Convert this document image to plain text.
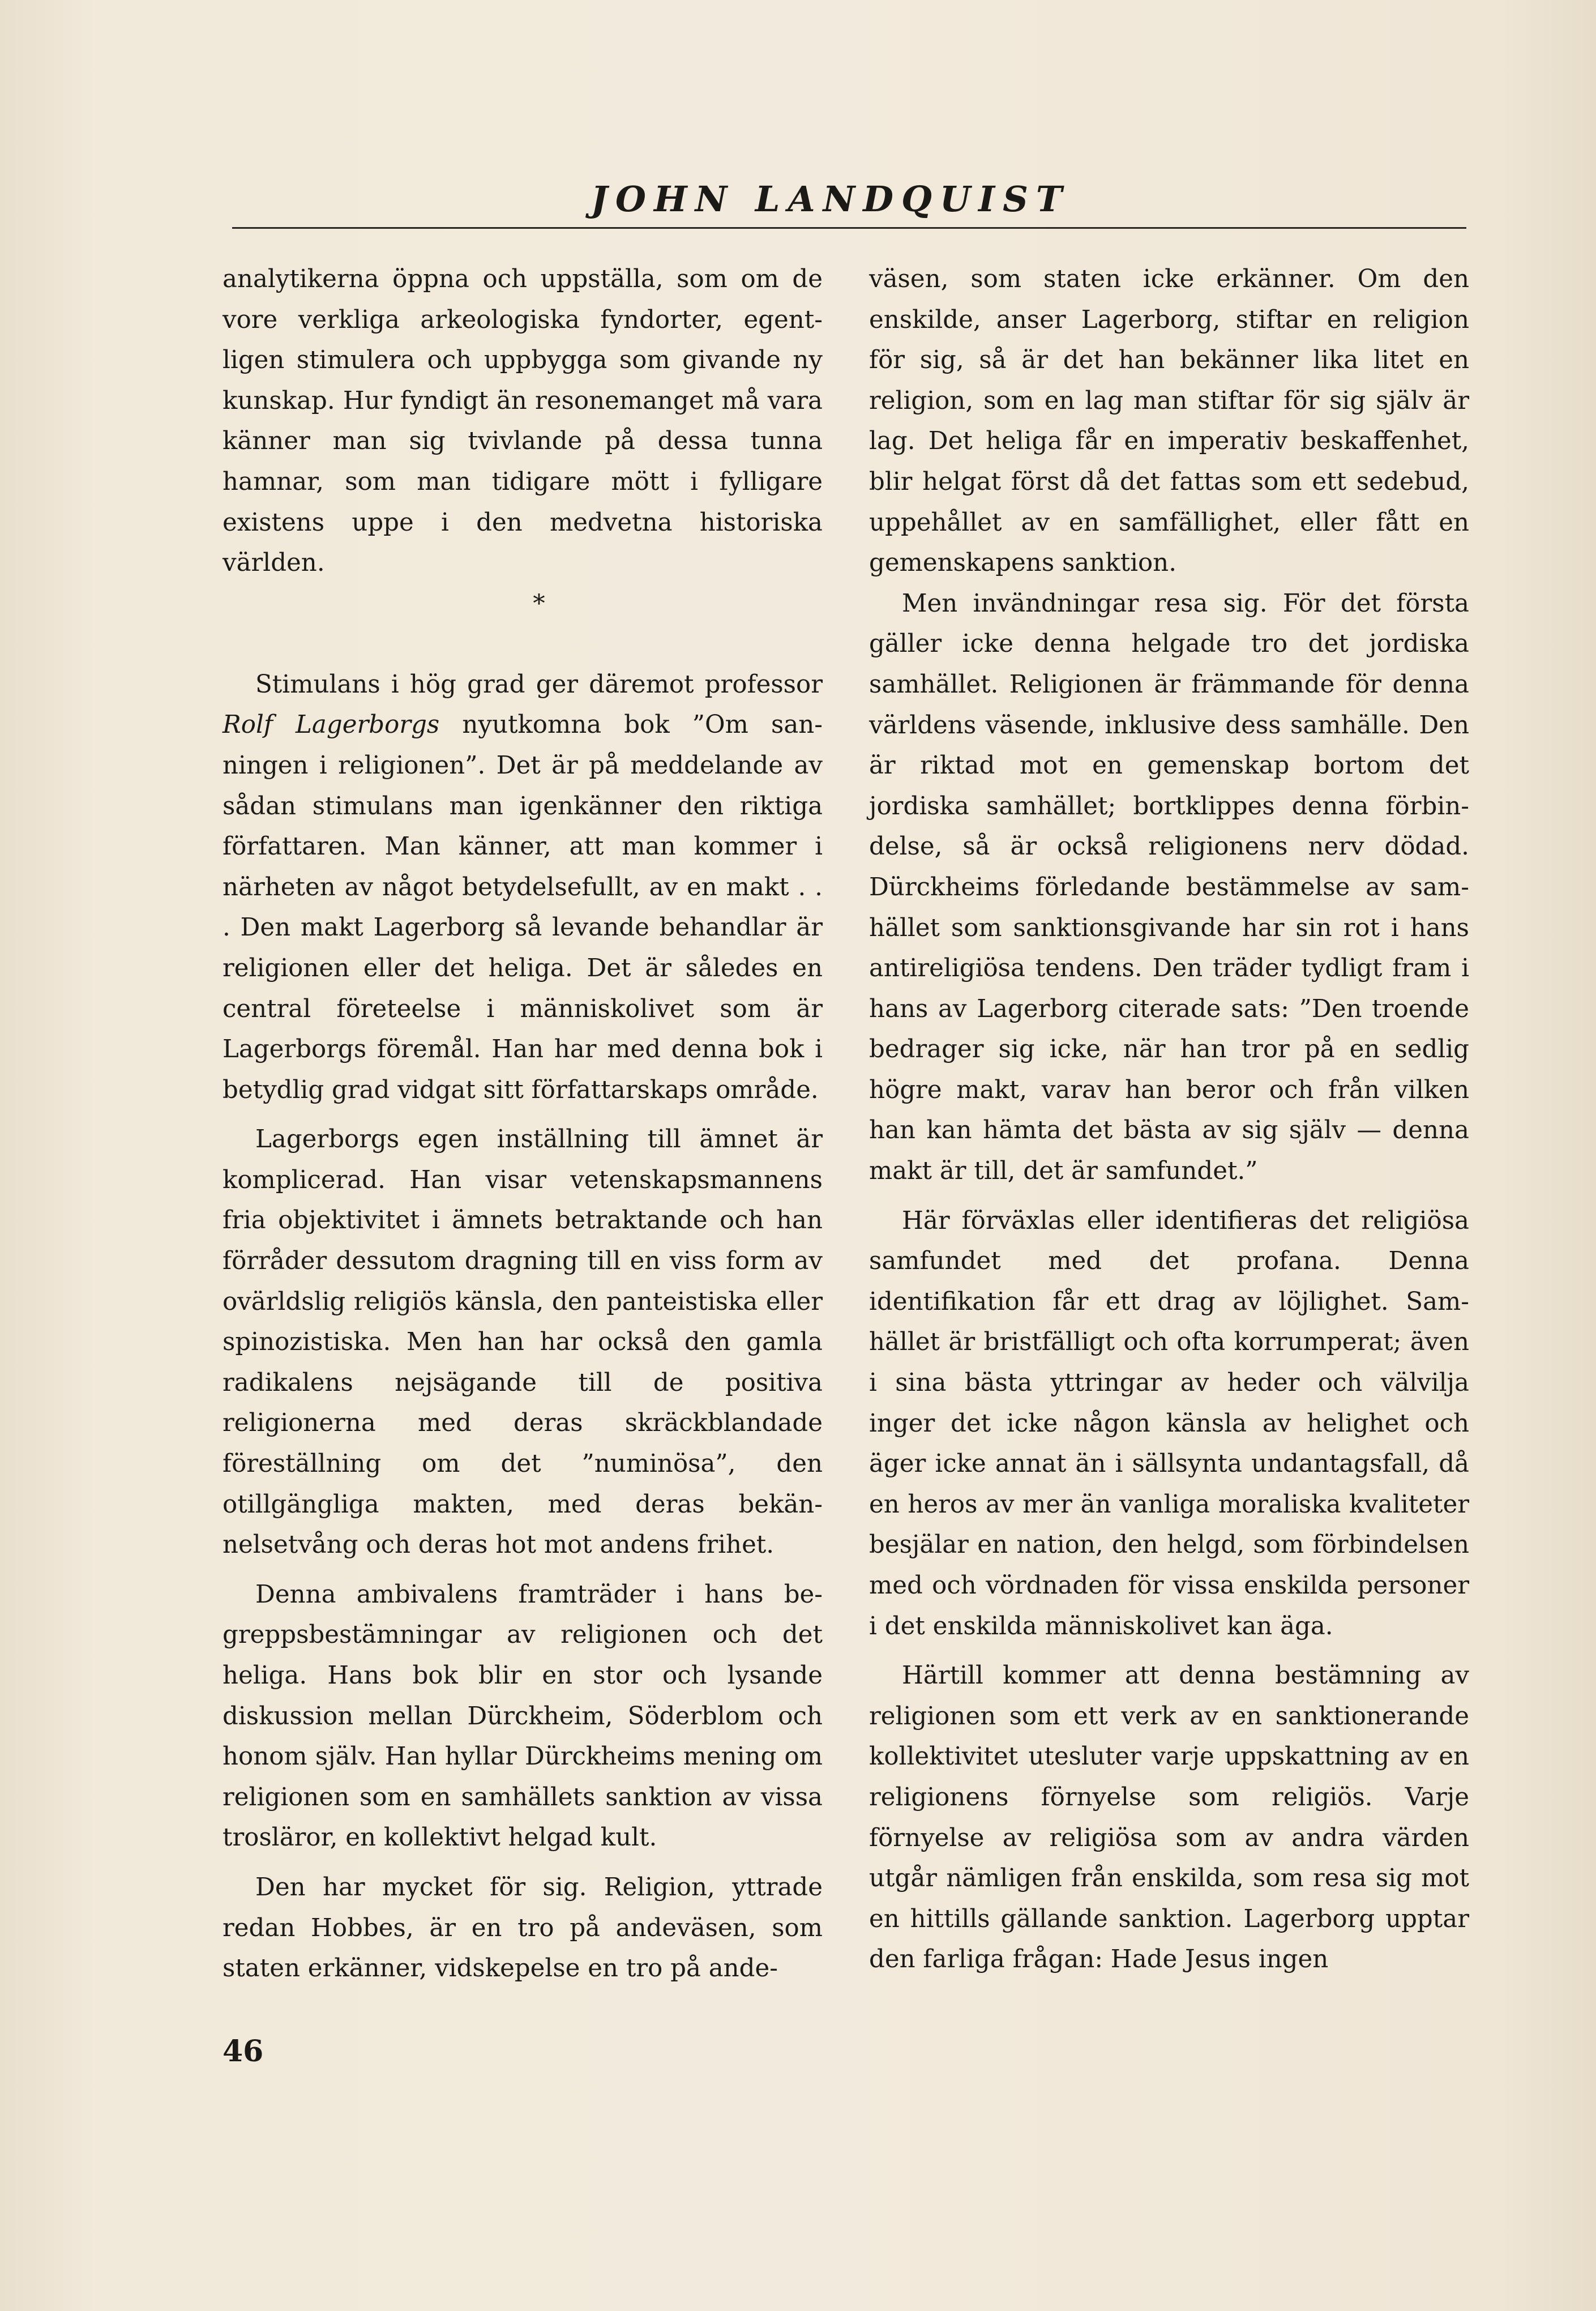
JOHN LANDQUIST

analytikerna öppna och uppställa, som om de vore verkliga arkeologiska fyndorter, egentligen stimulera och uppbygga som givande ny kunskap. Hur fyndigt än resonemanget må vara känner man sig tvivlande på dessa tunna hamnar, som man tidigare mött i fylligare existens uppe i den medvetna historiska världen.

*

Stimulans i hög grad ger däremot professor Rolf Lagerborgs nyutkomna bok ”Om sanningen i religionen”. Det är på meddelande av sådan stimulans man igenkänner den riktiga författaren. Man känner, att man kommer i närheten av något betydelsefullt, av en makt . . . Den makt Lagerborg så levande behandlar är religionen eller det heliga. Det är således en central företeelse i människolivet som är Lagerborgs föremål. Han har med denna bok i betydlig grad vidgat sitt författarskaps område.

Lagerborgs egen inställning till ämnet är komplicerad. Han visar vetenskapsmannens fria objektivitet i ämnets betraktande och han förråder dessutom dragning till en viss form av ovärldslig religiös känsla, den panteistiska eller spinozistiska. Men han har också den gamla radikalens nejsägande till de positiva religionerna med deras skräckblandade föreställning om det ”numinösa”, den otillgängliga makten, med deras bekännelsetvång och deras hot mot andens frihet.

Denna ambivalens framträder i hans begreppsbestämningar av religionen och det heliga. Hans bok blir en stor och lysande diskussion mellan Dürckheim, Söderblom och honom själv. Han hyllar Dürckheims mening om religionen som en samhällets sanktion av vissa trosläror, en kollektivt helgad kult.

Den har mycket för sig. Religion, yttrade redan Hobbes, är en tro på andeväsen, som staten erkänner, vidskepelse en tro på ande-

väsen, som staten icke erkänner. Om den enskilde, anser Lagerborg, stiftar en religion för sig, så är det han bekänner lika litet en religion, som en lag man stiftar för sig själv är lag. Det heliga får en imperativ beskaffenhet, blir helgat först då det fattas som ett sedebud, uppehållet av en samfällighet, eller fått en gemenskapens sanktion.

Men invändningar resa sig. För det första gäller icke denna helgade tro det jordiska samhället. Religionen är främmande för denna världens väsende, inklusive dess samhälle. Den är riktad mot en gemenskap bortom det jordiska samhället; bortklippes denna förbindelse, så är också religionens nerv dödad. Dürckheims förledande bestämmelse av samhället som sanktionsgivande har sin rot i hans antireligiösa tendens. Den träder tydligt fram i hans av Lagerborg citerade sats: ”Den troende bedrager sig icke, när han tror på en sedlig högre makt, varav han beror och från vilken han kan hämta det bästa av sig själv — denna makt är till, det är samfundet.”

Här förväxlas eller identifieras det religiösa samfundet med det profana. Denna identifikation får ett drag av löjlighet. Samhället är bristfälligt och ofta korrumperat; även i sina bästa yttringar av heder och välvilja inger det icke någon känsla av helighet och äger icke annat än i sällsynta undantagsfall, då en heros av mer än vanliga moraliska kvaliteter besjälar en nation, den helgd, som förbindelsen med och vördnaden för vissa enskilda personer i det enskilda människolivet kan äga.

Härtill kommer att denna bestämning av religionen som ett verk av en sanktionerande kollektivitet utesluter varje uppskattning av en religionens förnyelse som religiös. Varje förnyelse av religiösa som av andra värden utgår nämligen från enskilda, som resa sig mot en hittills gällande sanktion. Lagerborg upptar den farliga frågan: Hade Jesus ingen

46
